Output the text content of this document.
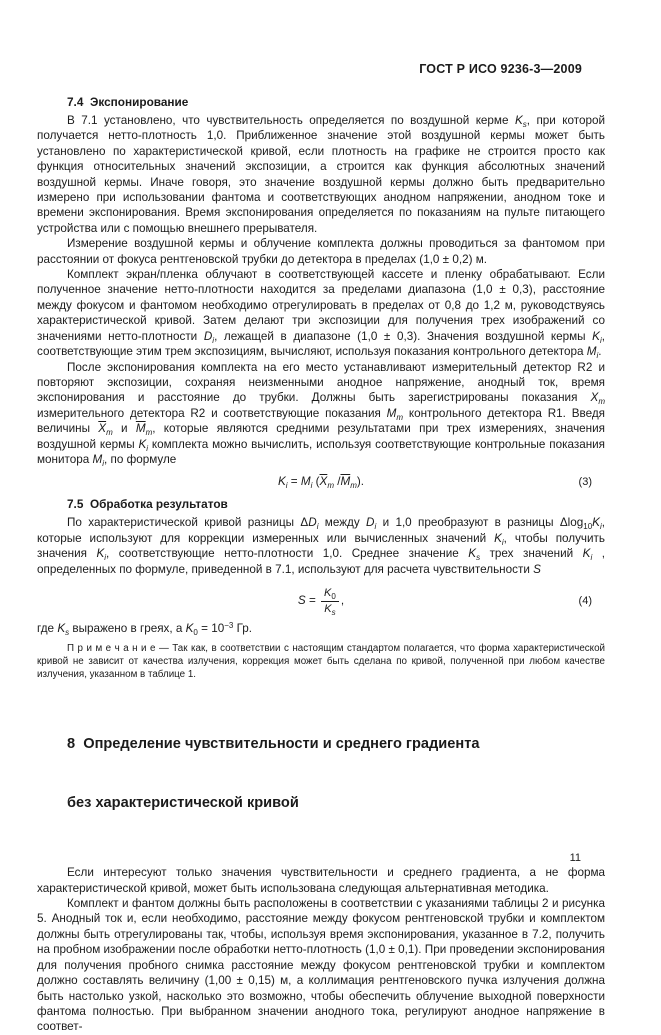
ГОСТ Р ИСО 9236-3—2009
7.4  Экспонирование

В 7.1 установлено, что чувствительность определяется по воздушной керме $K_s$, при которой получается нетто-плотность 1,0. Приближенное значение этой воздушной кермы может быть установлено по характеристической кривой, если плотность на графике не строится просто как функция относительных значений экспозиции, а строится как функция абсолютных значений воздушной кермы. Иначе говоря, это значение воздушной кермы должно быть предварительно измерено при использовании фантома и соответствующих анодном напряжении, анодном токе и времени экспонирования. Время экспонирования определяется по показаниям на пульте питающего устройства или с помощью внешнего прерывателя.

Измерение воздушной кермы и облучение комплекта должны проводиться за фантомом при расстоянии от фокуса рентгеновской трубки до детектора в пределах (1,0 ± 0,2) м.

Комплект экран/пленка облучают в соответствующей кассете и пленку обрабатывают. Если полученное значение нетто-плотности находится за пределами диапазона (1,0 ± 0,3), расстояние между фокусом и фантомом необходимо отрегулировать в пределах от 0,8 до 1,2 м, руководствуясь характеристической кривой. Затем делают три экспозиции для получения трех изображений со значениями нетто-плотности $D_i$, лежащей в диапазоне (1,0 ± 0,3). Значения воздушной кермы $K_i$, соответствующие этим трем экспозициям, вычисляют, используя показания контрольного детектора $M_i$.

После экспонирования комплекта на его место устанавливают измерительный детектор R2 и повторяют экспозиции, сохраняя неизменными анодное напряжение, анодный ток, время экспонирования и расстояние до трубки. Должны быть зарегистрированы показания $X_m$ измерительного детектора R2 и соответствующие показания $M_m$ контрольного детектора R1. Введя величины $\overline{X}_m$ и $\overline{M}_m$, которые являются средними результатами при трех измерениях, значения воздушной кермы $K_i$ комплекта можно вычислить, используя соответствующие контрольные показания монитора $M_i$, по формуле

$K_i = M_i$ ($\overline{X}_m$ $/\overline{M}_m$).	(3)
7.5  Обработка результатов

По характеристической кривой разницы $\Delta D_i$ между $D_i$ и 1,0 преобразуют в разницы $\Delta\log_{10}K_i$, которые используют для коррекции измеренных или вычисленных значений $K_i$, чтобы получить значения $K_i$, соответствующие нетто-плотности 1,0. Среднее значение $K_s$ трех значений $K_i$ , определенных по формуле, приведенной в 7.1, используют для расчета чувствительности S

$S = \frac{K_0}{K_s}$ ,	(4)

где $K_s$ выражено в греях, а $K_0 = 10^{-3}$ Гр.

П р и м е ч а н и е — Так как, в соответствии с настоящим стандартом полагается, что форма характеристической кривой не зависит от качества излучения, коррекция может быть сделана по кривой, полученной при любом качестве излучения, указанном в таблице 1.

8  Определение чувствительности и среднего градиента

без характеристической кривой

Если интересуют только значения чувствительности и среднего градиента, а не форма характеристической кривой, может быть использована следующая альтернативная методика.

Комплект и фантом должны быть расположены в соответствии с указаниями таблицы 2 и рисунка 5. Анодный ток и, если необходимо, расстояние между фокусом рентгеновской трубки и комплектом должны быть отрегулированы так, чтобы, используя время экспонирования, указанное в 7.2, получить на пробном изображении после обработки нетто-плотность (1,0 ± 0,1). При проведении экспонирования для получения пробного снимка расстояние между фокусом рентгеновской трубки и комплектом должно составлять величину (1,00 ± 0,15) м, а коллимация рентгеновского пучка излучения должна быть настолько узкой, насколько это возможно, чтобы обеспечить облучение выходной поверхности фантома полностью. При выбранном значении анодного тока, регулируют анодное напряжение в соответ-

11
